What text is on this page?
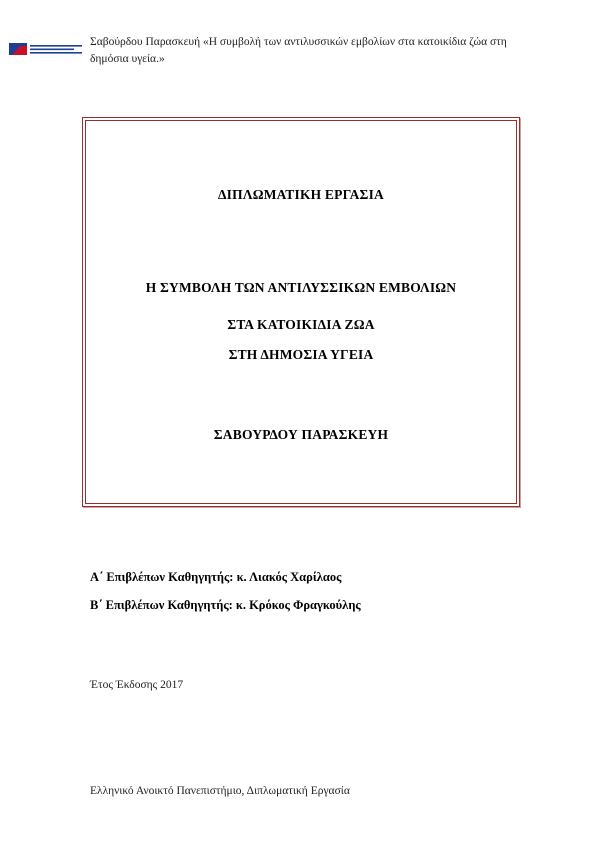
Σαβούρδου Παρασκευή «Η συμβολή των αντιλυσσικών εμβολίων στα κατοικίδια ζώα στη δημόσια υγεία.»
ΔΙΠΛΩΜΑΤΙΚΗ ΕΡΓΑΣΙΑ
Η ΣΥΜΒΟΛΗ ΤΩΝ ΑΝΤΙΛΥΣΣΙΚΩΝ ΕΜΒΟΛΙΩΝ
ΣΤΑ ΚΑΤΟΙΚΙΔΙΑ ΖΩΑ
ΣΤΗ ΔΗΜΟΣΙΑ ΥΓΕΙΑ
ΣΑΒΟΥΡΔΟΥ ΠΑΡΑΣΚΕΥΗ
Α΄ Επιβλέπων Καθηγητής: κ. Λιακός Χαρίλαος
Β΄ Επιβλέπων Καθηγητής: κ. Κρόκος Φραγκούλης
Έτος Έκδοσης 2017
Ελληνικό Ανοικτό Πανεπιστήμιο, Διπλωματική Εργασία
